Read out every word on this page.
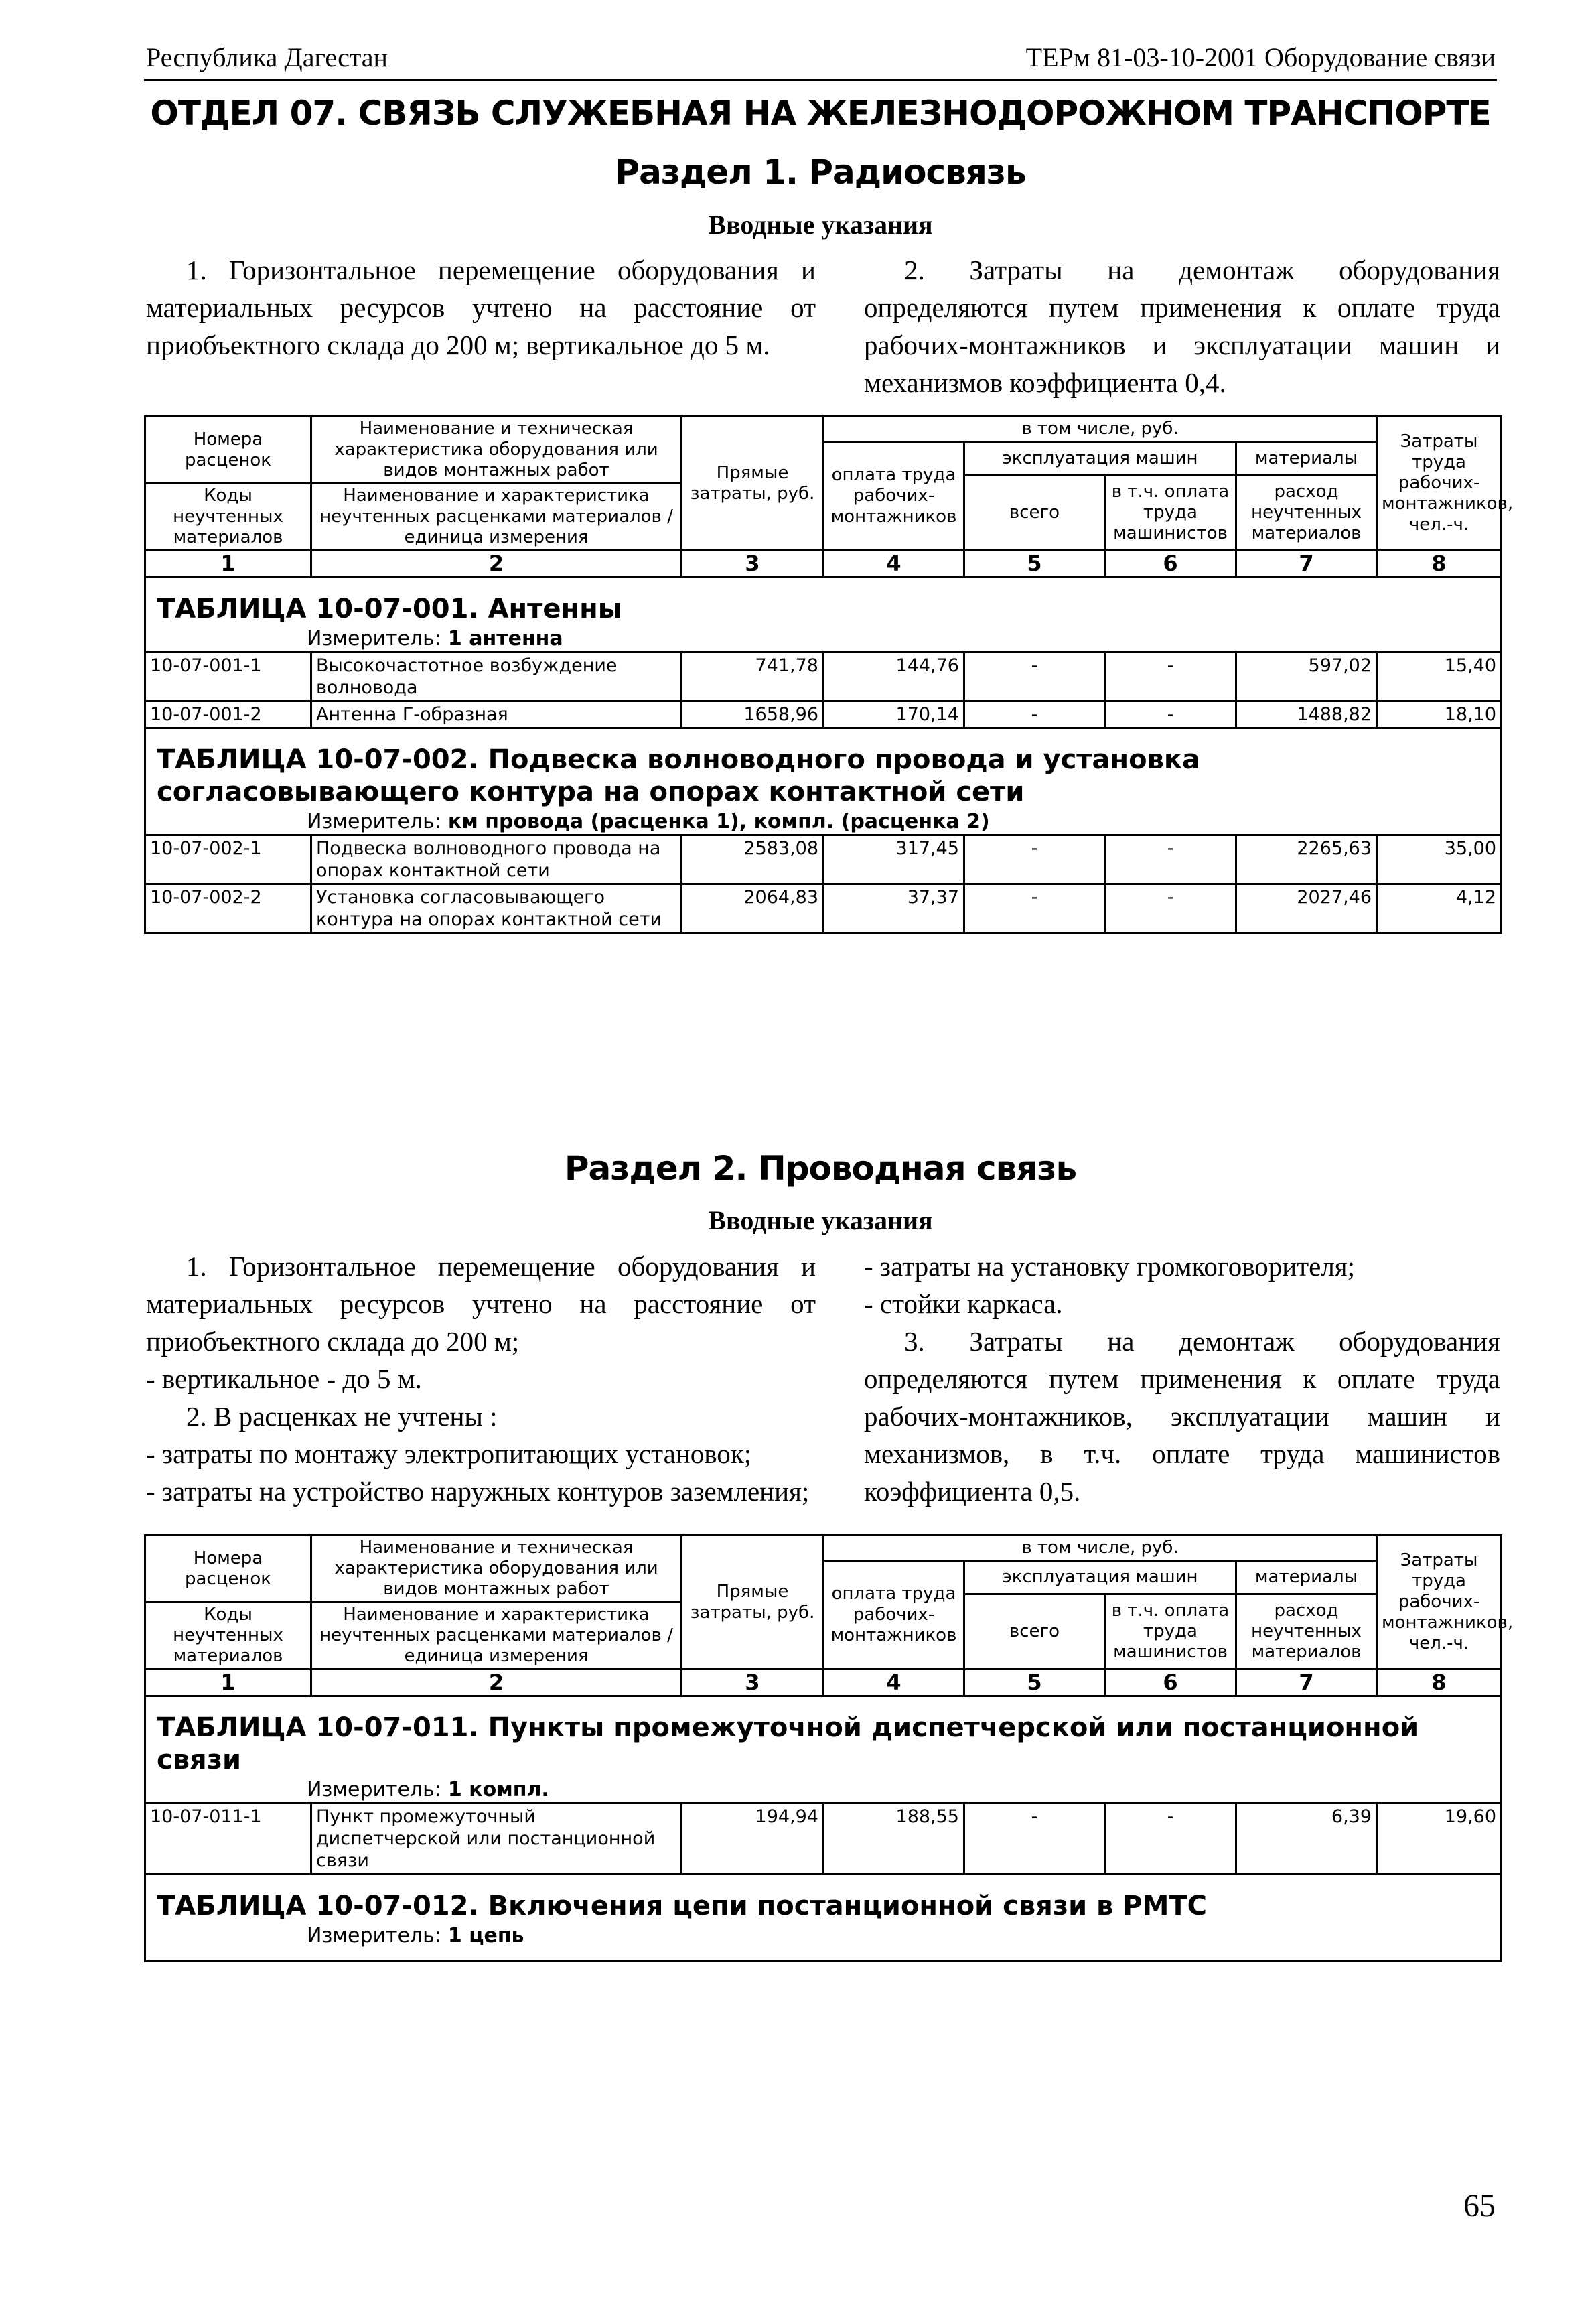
Республика Дагестан	ТЕРм 81-03-10-2001 Оборудование связи
ОТДЕЛ 07. СВЯЗЬ СЛУЖЕБНАЯ НА ЖЕЛЕЗНОДОРОЖНОМ ТРАНСПОРТЕ
Раздел 1. Радиосвязь
Вводные указания

1. Горизонтальное перемещение оборудования и материальных ресурсов учтено на расстояние от приобъектного склада до 200 м; вертикальное до 5 м.

2. Затраты на демонтаж оборудования определяются путем применения к оплате труда рабочих-монтажников и эксплуатации машин и механизмов коэффициента 0,4.

Номера расценок	Наименование и техническая характеристика оборудования или видов монтажных работ	Прямые затраты, руб.	в том числе, руб.				Затраты труда рабочих-монтажников, чел.-ч.
			оплата труда рабочих-монтажников	эксплуатация машин		материалы	
				всего	в т.ч. оплата труда машинистов	расход неучтенных материалов	
Коды неучтенных материалов	Наименование и характеристика неучтенных расценками материалов / единица измерения						

1	2	3	4	5	6	7	8

ТАБЛИЦА 10-07-001. Антенны							
Измеритель: 1 антенна							
10-07-001-1	Высокочастотное возбуждение волновода	741,78	144,76	-	-	597,02	15,40
10-07-001-2	Антенна Г-образная	1658,96	170,14	-	-	1488,82	18,10

ТАБЛИЦА 10-07-002. Подвеска волноводного провода и установка согласовывающего контура на опорах контактной сети							
Измеритель: км провода (расценка 1), компл. (расценка 2)							
10-07-002-1	Подвеска волноводного провода на опорах контактной сети	2583,08	317,45	-	-	2265,63	35,00
10-07-002-2	Установка согласовывающего контура на опорах контактной сети	2064,83	37,37	-	-	2027,46	4,12
Раздел 2. Проводная связь
Вводные указания

1. Горизонтальное перемещение оборудования и материальных ресурсов учтено на расстояние от приобъектного склада до 200 м;

- вертикальное - до 5 м.

2. В расценках не учтены :

- затраты по монтажу электропитающих установок;

- затраты на устройство наружных контуров заземления;

- затраты на установку громкоговорителя;

- стойки каркаса.

3. Затраты на демонтаж оборудования определяются путем применения к оплате труда рабочих-монтажников, эксплуатации машин и механизмов, в т.ч. оплате труда машинистов коэффициента 0,5.

Номера расценок	Наименование и техническая характеристика оборудования или видов монтажных работ	Прямые затраты, руб.	в том числе, руб.				Затраты труда рабочих-монтажников, чел.-ч.
			оплата труда рабочих-монтажников	эксплуатация машин		материалы	
				всего	в т.ч. оплата труда машинистов	расход неучтенных материалов	
Коды неучтенных материалов	Наименование и характеристика неучтенных расценками материалов / единица измерения						

1	2	3	4	5	6	7	8

ТАБЛИЦА 10-07-011. Пункты промежуточной диспетчерской или постанционной связи							
Измеритель: 1 компл.							
10-07-011-1	Пункт промежуточный диспетчерской или постанционной связи	194,94	188,55	-	-	6,39	19,60

ТАБЛИЦА 10-07-012. Включения цепи постанционной связи в РМТС							
Измеритель: 1 цепь							

65
